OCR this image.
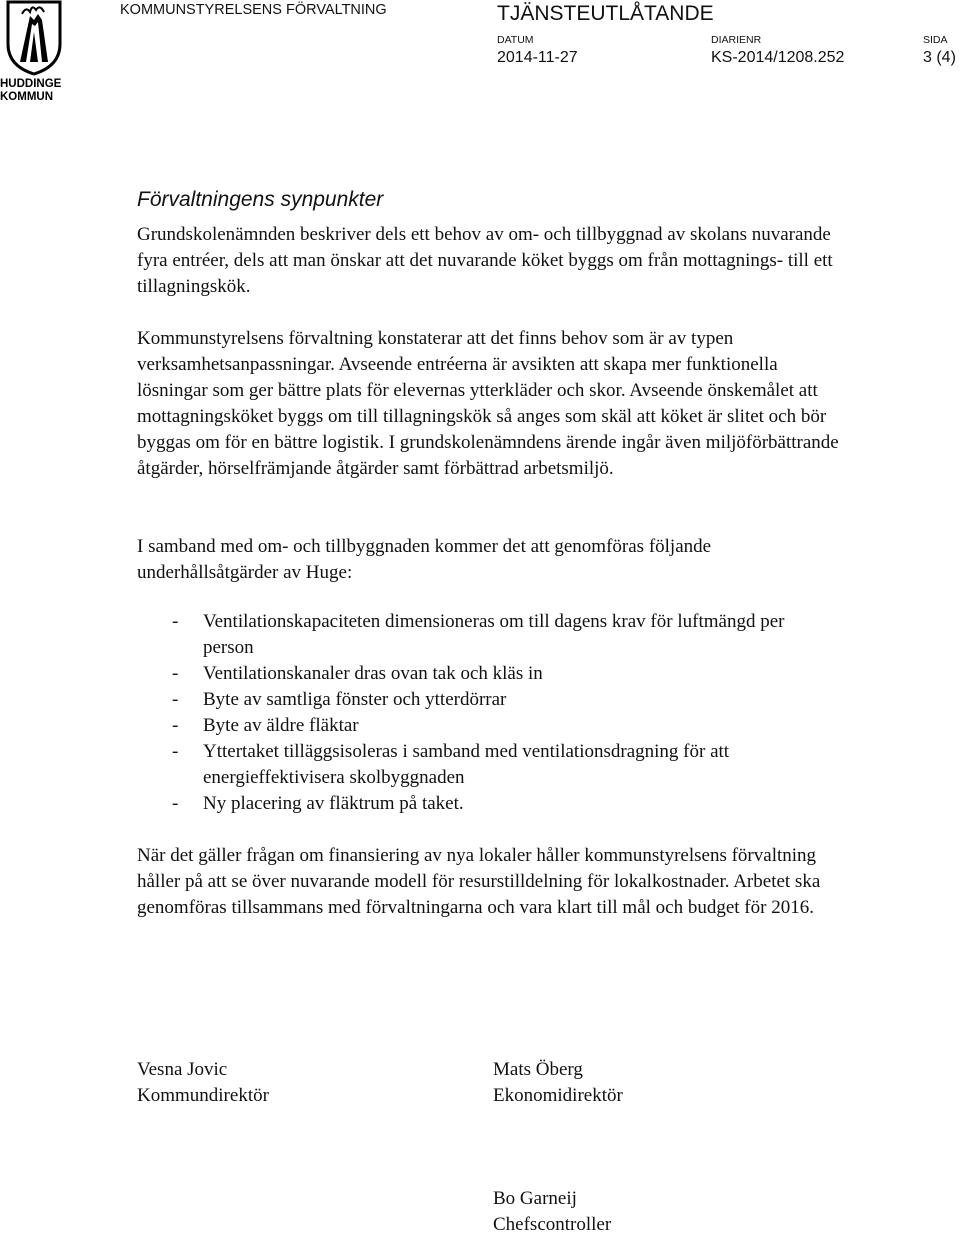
HUDDINGE
KOMMUN
KOMMUNSTYRELSENS FÖRVALTNING	TJÄNSTEUTLÅTANDE
DATUM	DIARIENR	SIDA
2014-11-27	KS-2014/1208.252	3 (4)
Förvaltningens synpunkter

Grundskolenämnden beskriver dels ett behov av om- och tillbyggnad av skolans nuvarande fyra entréer, dels att man önskar att det nuvarande köket byggs om från mottagnings- till ett tillagningskök.

Kommunstyrelsens förvaltning konstaterar att det finns behov som är av typen verksamhetsanpassningar. Avseende entréerna är avsikten att skapa mer funktionella lösningar som ger bättre plats för elevernas ytterkläder och skor. Avseende önskemålet att mottagningsköket byggs om till tillagningskök så anges som skäl att köket är slitet och bör byggas om för en bättre logistik. I grundskolenämndens ärende ingår även miljöförbättrande åtgärder, hörselfrämjande åtgärder samt förbättrad arbetsmiljö.

I samband med om- och tillbyggnaden kommer det att genomföras följande underhållsåtgärder av Huge:

- Ventilationskapaciteten dimensioneras om till dagens krav för luftmängd per person
- Ventilationskanaler dras ovan tak och kläs in
- Byte av samtliga fönster och ytterdörrar
- Byte av äldre fläktar
- Yttertaket tilläggsisoleras i samband med ventilationsdragning för att energieffektivisera skolbyggnaden
- Ny placering av fläktrum på taket.

När det gäller frågan om finansiering av nya lokaler håller kommunstyrelsens förvaltning håller på att se över nuvarande modell för resurstilldelning för lokalkostnader. Arbetet ska genomföras tillsammans med förvaltningarna och vara klart till mål och budget för 2016.

Vesna Jovic
Kommundirektör
Mats Öberg
Ekonomidirektör
Bo Garneij
Chefscontroller
